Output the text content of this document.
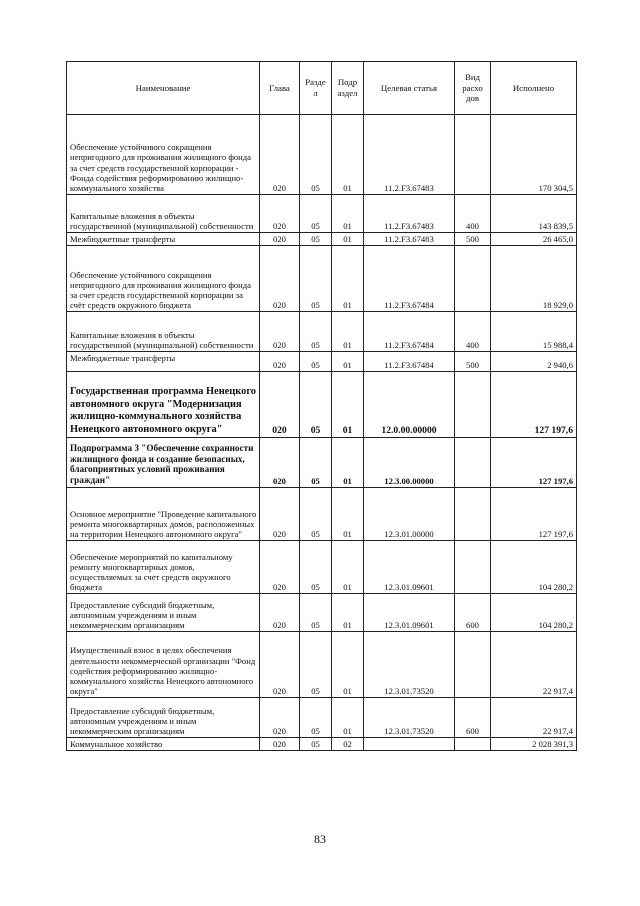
Наименование	Глава	Разде л	Подр аздел	Целевая статья	Вид расхо дов	Исполнено
Обеспечение устойчивого сокращения непригодного для проживания жилищного фонда за счет средств государственной корпорации - Фонда содействия реформированию жилищно-коммунального хозяйства	020	05	01	11.2.F3.67483		170 304,5
Капитальные вложения в объекты государственной (муниципальной) собственности	020	05	01	11.2.F3.67483	400	143 839,5
Межбюджетные трансферты	020	05	01	11.2.F3.67483	500	26 465,0
Обеспечение устойчивого сокращения непригодного для проживания жилищного фонда за счет средств государственной корпорации за счёт средств окружного бюджета	020	05	01	11.2.F3.67484		18 929,0
Капитальные вложения в объекты государственной (муниципальной) собственности	020	05	01	11.2.F3.67484	400	15 988,4
Межбюджетные трансферты	020	05	01	11.2.F3.67484	500	2 940,6
Государственная программа Ненецкого автономного округа "Модернизация жилищно-коммунального хозяйства Ненецкого автономного округа"	020	05	01	12.0.00.00000		127 197,6
Подпрограмма 3 "Обеспечение сохранности жилищного фонда и создание безопасных, благоприятных условий проживания граждан"	020	05	01	12.3.00.00000		127 197,6
Основное мероприятие "Проведение капитального ремонта многоквартирных домов, расположенных на территории Ненецкого автономного округа"	020	05	01	12.3.01.00000		127 197,6
Обеспечение мероприятий по капитальному ремонту многоквартирных домов, осуществляемых за счет средств окружного бюджета	020	05	01	12.3.01.09601		104 280,2
Предоставление субсидий бюджетным, автономным учреждениям и иным некоммерческим организациям	020	05	01	12.3.01.09601	600	104 280,2
Имущественный взнос в целях обеспечения деятельности некоммерческой организации "Фонд содействия реформированию жилищно-коммунального хозяйства Ненецкого автономного округа"	020	05	01	12.3.01.73520		22 917,4
Предоставление субсидий бюджетным, автономным учреждениям и иным некоммерческим организациям	020	05	01	12.3.01.73520	600	22 917,4
Коммунальное хозяйство	020	05	02			2 028 391,3
83
